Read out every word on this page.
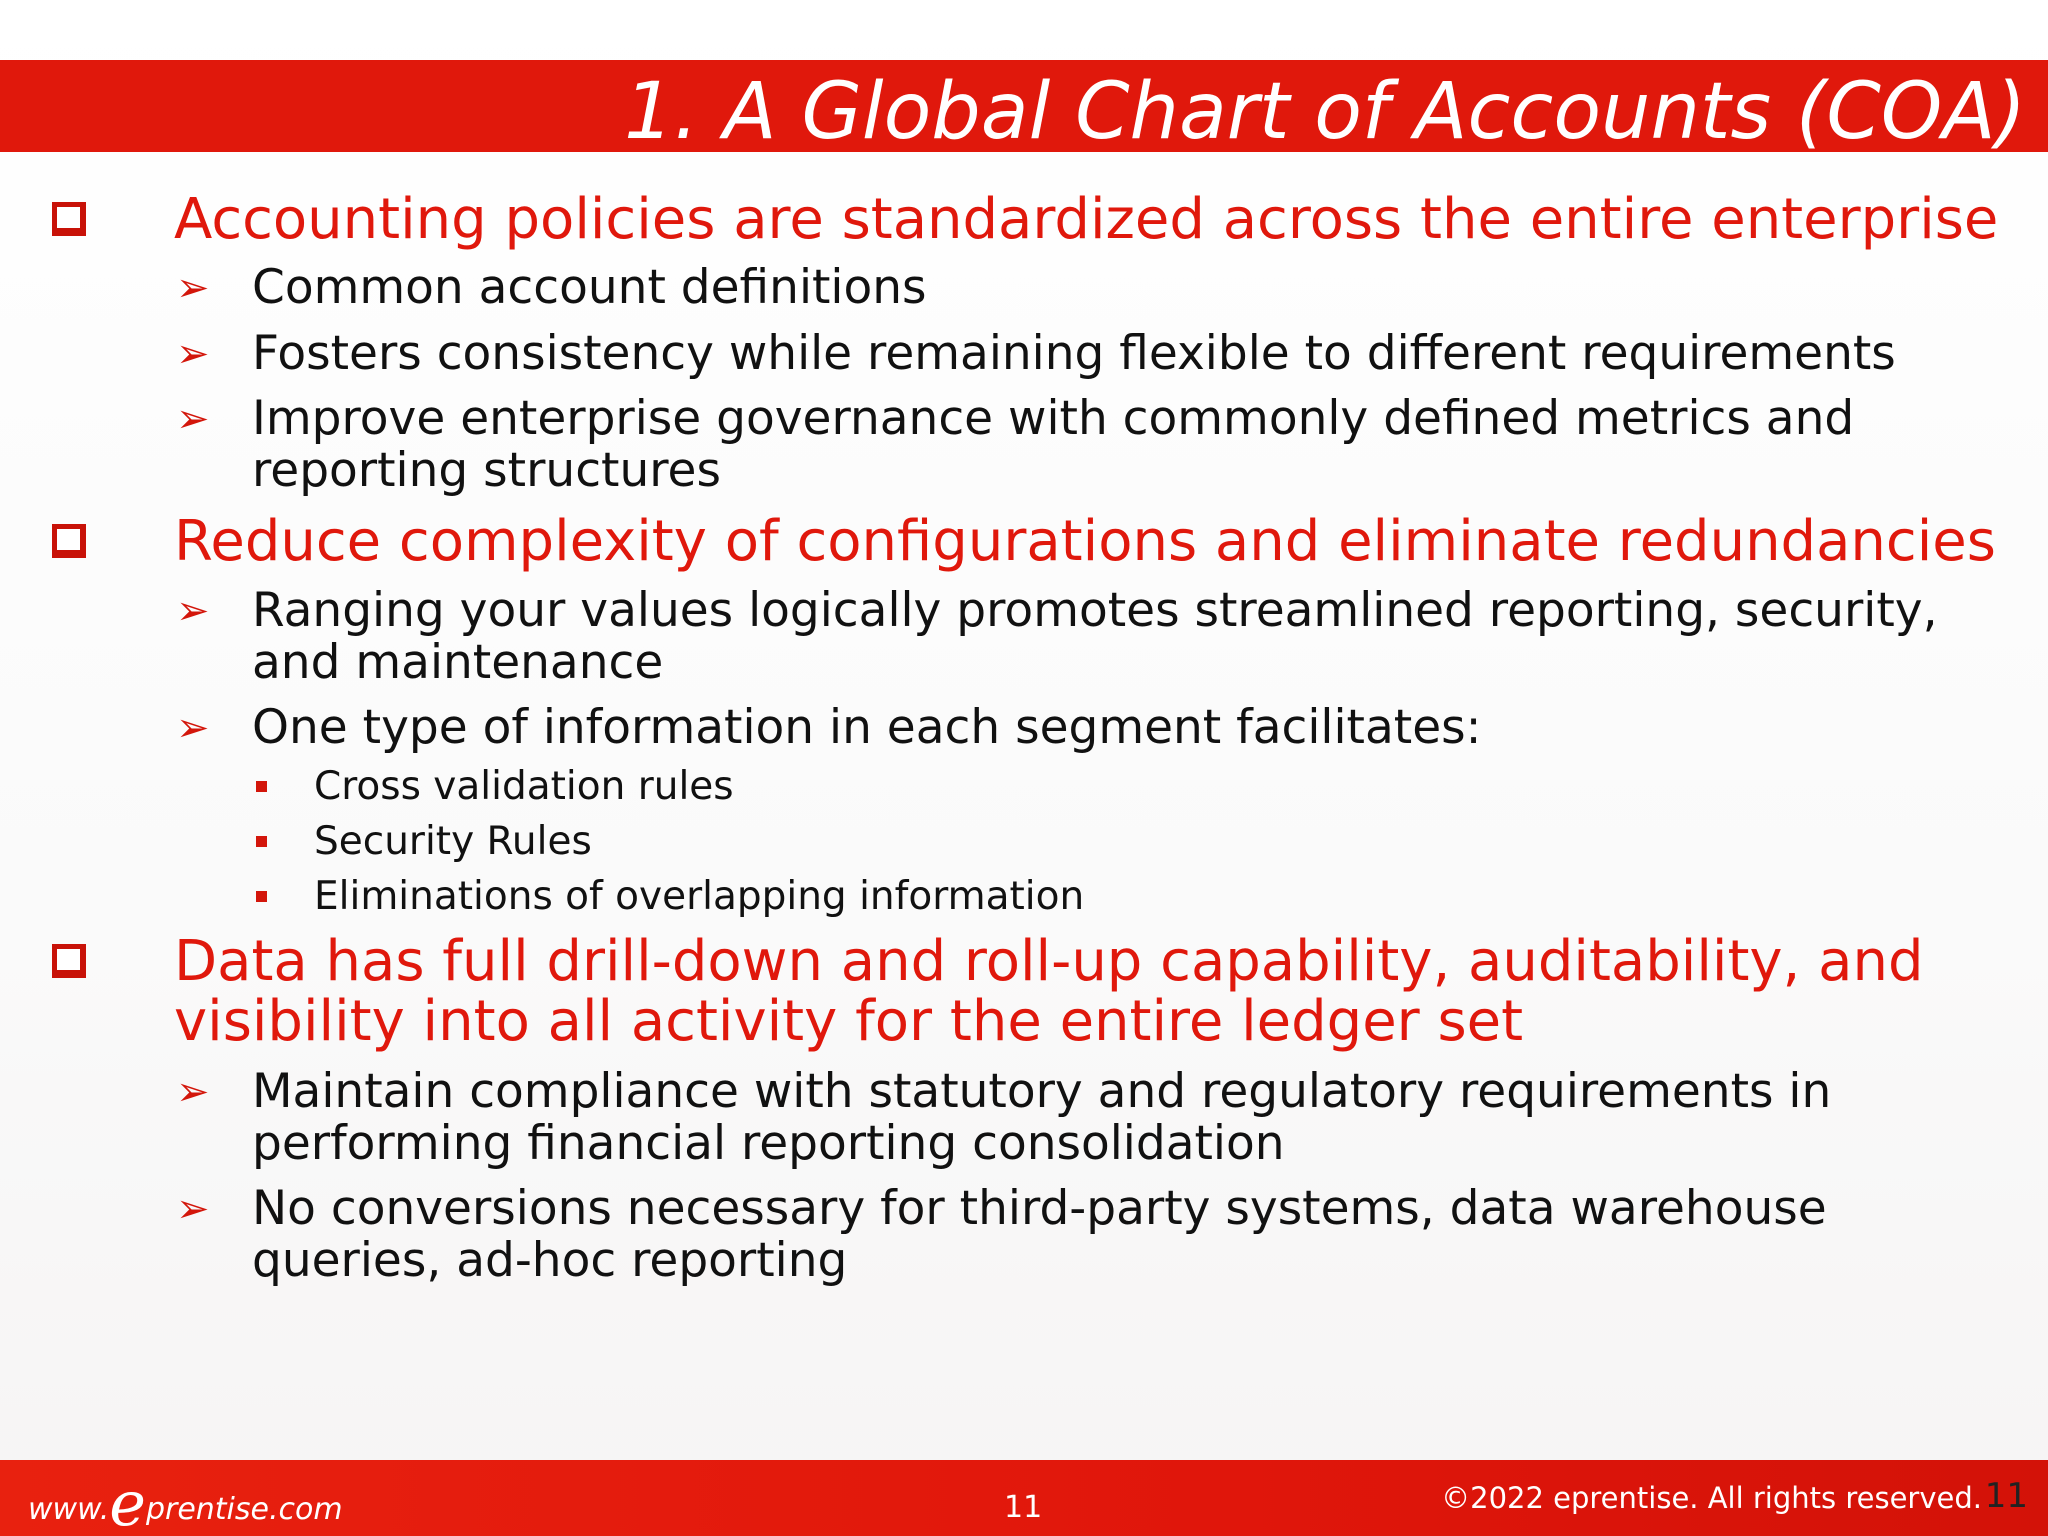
1. A Global Chart of Accounts (COA)
Accounting policies are standardized across the entire enterprise
➢ Common account definitions
➢ Fosters consistency while remaining flexible to different requirements
➢ Improve enterprise governance with commonly defined metrics and
reporting structures
Reduce complexity of configurations and eliminate redundancies
➢ Ranging your values logically promotes streamlined reporting, security,
and maintenance
➢ One type of information in each segment facilitates:
Cross validation rules
Security Rules
Eliminations of overlapping information
Data has full drill-down and roll-up capability, auditability, and
visibility into all activity for the entire ledger set
➢ Maintain compliance with statutory and regulatory requirements in
performing financial reporting consolidation
➢ No conversions necessary for third-party systems, data warehouse
queries, ad-hoc reporting
www.eprentise.com	11	©2022 eprentise. All rights reserved. 11
